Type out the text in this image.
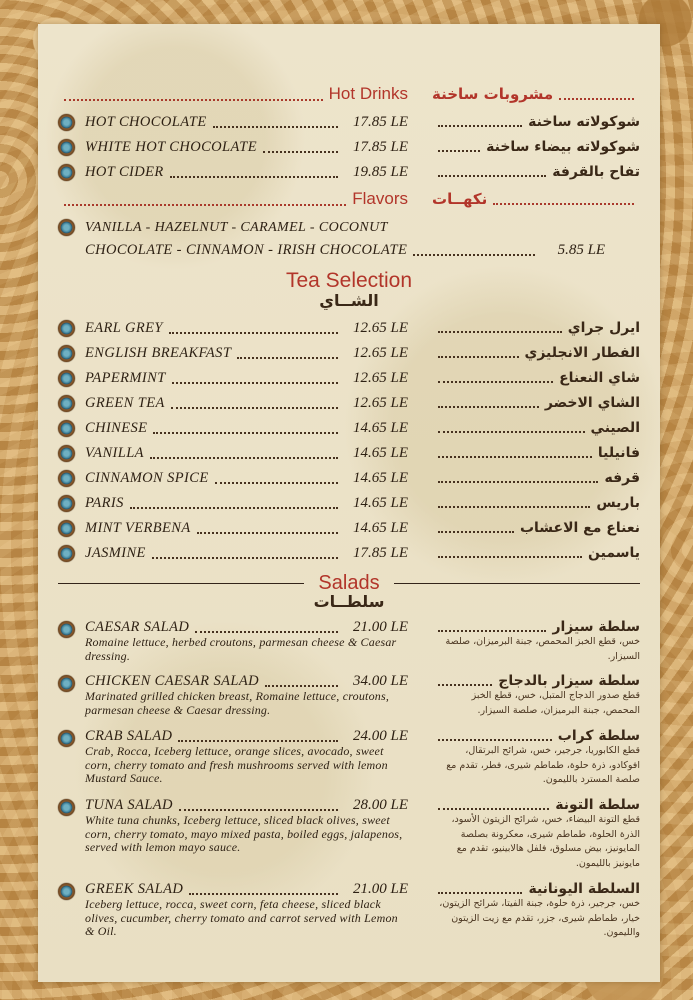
Hot Drinks مشروبات ساخنة
HOT CHOCOLATE	17.85 LE	شوكولاته ساخنة
WHITE HOT CHOCOLATE	17.85 LE	شوكولاته بيضاء ساخنة
HOT CIDER	19.85 LE	تفاح بالقرفة
Flavors نكهــات
VANILLA - HAZELNUT - CARAMEL - COCONUT
CHOCOLATE - CINNAMON - IRISH CHOCOLATE	5.85 LE
Tea Selection
الشــاي
EARL GREY	12.65 LE	ايرل جراي
ENGLISH BREAKFAST	12.65 LE	الفطار الانجليزي
PAPERMINT	12.65 LE	شاي النعناع
GREEN TEA	12.65 LE	الشاي الاخضر
CHINESE	14.65 LE	الصيني
VANILLA	14.65 LE	فانيليا
CINNAMON SPICE	14.65 LE	قرفه
PARIS	14.65 LE	باريس
MINT VERBENA	14.65 LE	نعناع مع الاعشاب
JASMINE	17.85 LE	ياسمين
Salads
سلطــات
CAESAR SALAD	21.00 LE
Romaine lettuce, herbed croutons, parmesan cheese & Caesar dressing.
سلطة سيزار
خس، قطع الخبز المحمص، جبنة البرميزان، صلصة السيزار.
CHICKEN CAESAR SALAD	34.00 LE
Marinated grilled chicken breast, Romaine lettuce, croutons, parmesan cheese & Caesar dressing.
سلطة سيزار بالدجاج
قطع صدور الدجاج المتبل، خس، قطع الخبز المحمص، جبنة البرميزان، صلصة السيزار.
CRAB SALAD	24.00 LE
Crab, Rocca, Iceberg lettuce, orange slices, avocado, sweet corn, cherry tomato and fresh mushrooms served with lemon Mustard Sauce.
سلطة كراب
قطع الكابوريا، جرجير، خس، شرائح البرتقال، افوكادو، ذرة حلوة، طماطم شيرى، فطر، تقدم مع صلصة المسترد بالليمون.
TUNA SALAD	28.00 LE
White tuna chunks, Iceberg lettuce, sliced black olives, sweet corn, cherry tomato, mayo mixed pasta, boiled eggs, jalapenos, served with lemon mayo sauce.
سلطة التونة
قطع التونة البيضاء، خس، شرائح الزيتون الأسود، الذرة الحلوة، طماطم شيرى، معكرونة بصلصة المايونيز، بيض مسلوق، فلفل هالابينيو، تقدم مع مايونيز بالليمون.
GREEK SALAD	21.00 LE
Iceberg lettuce, rocca, sweet corn, feta cheese, sliced black olives, cucumber, cherry tomato and carrot served with Lemon & Oil.
السلطة اليونانية
خس، جرجير، ذرة حلوة، جبنة الفيتا، شرائح الزيتون، خيار، طماطم شيرى، جزر، تقدم مع زيت الزيتون والليمون.
